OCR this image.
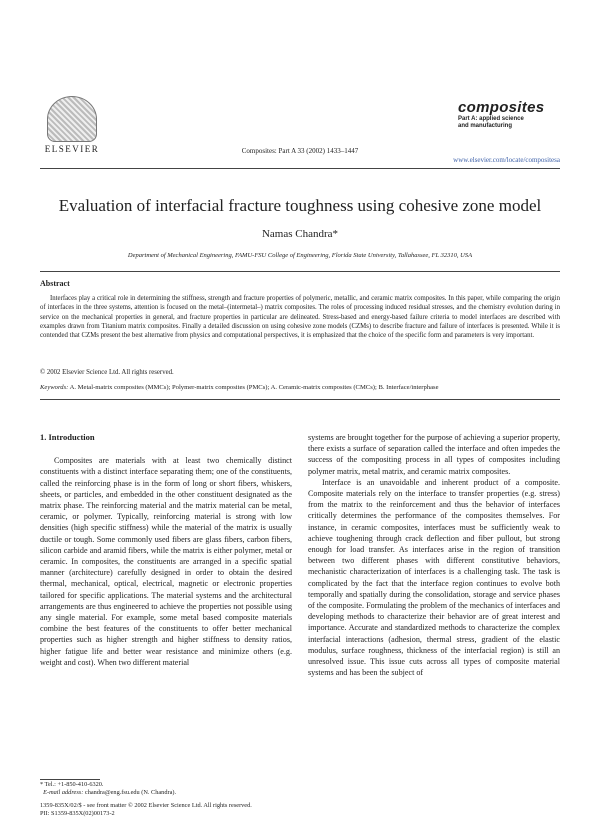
ELSEVIER	Composites: Part A 33 (2002) 1433–1447
composites
Part A: applied science
and manufacturing
www.elsevier.com/locate/compositesa
Evaluation of interfacial fracture toughness using cohesive zone model
Namas Chandra*
Department of Mechanical Engineering, FAMU-FSU College of Engineering, Florida State University, Tallahassee, FL 32310, USA
Abstract
Interfaces play a critical role in determining the stiffness, strength and fracture properties of polymeric, metallic, and ceramic matrix composites. In this paper, while comparing the origin of interfaces in the three systems, attention is focused on the metal–(intermetal–) matrix composites. The roles of processing induced residual stresses, and the chemistry evolution during in service on the mechanical properties in general, and fracture properties in particular are delineated. Stress-based and energy-based failure criteria to model interfaces are described with examples drawn from Titanium matrix composites. Finally a detailed discussion on using cohesive zone models (CZMs) to describe fracture and failure of interfaces is presented. While it is contended that CZMs present the best alternative from physics and computational perspectives, it is emphasized that the choice of the specific form and parameters is very important.
© 2002 Elsevier Science Ltd. All rights reserved.
Keywords: A. Metal-matrix composites (MMCs); Polymer-matrix composites (PMCs); A. Ceramic-matrix composites (CMCs); B. Interface/interphase
1. Introduction

Composites are materials with at least two chemically distinct constituents with a distinct interface separating them; one of the constituents, called the reinforcing phase is in the form of long or short fibers, whiskers, sheets, or particles, and embedded in the other constituent designated as the matrix phase. The reinforcing material and the matrix material can be metal, ceramic, or polymer. Typically, reinforcing material is strong with low densities (high specific stiffness) while the material of the matrix is usually ductile or tough. Some commonly used fibers are glass fibers, carbon fibers, silicon carbide and aramid fibers, while the matrix is either polymer, metal or ceramic. In composites, the constituents are arranged in a specific spatial manner (architecture) carefully designed in order to obtain the desired thermal, mechanical, optical, electrical, magnetic or electronic properties tailored for specific applications. The material systems and the architectural arrangements are thus engineered to achieve the properties not possible using any single material. For example, some metal based composite materials combine the best features of the constituents to offer better mechanical properties such as higher strength and higher stiffness to density ratios, higher fatigue life and better wear resistance and minimize others (e.g. weight and cost). When two different material

systems are brought together for the purpose of achieving a superior property, there exists a surface of separation called the interface and often impedes the success of the compositing process in all types of composites including polymer matrix, metal matrix, and ceramic matrix composites.

Interface is an unavoidable and inherent product of a composite. Composite materials rely on the interface to transfer properties (e.g. stress) from the matrix to the reinforcement and thus the behavior of interfaces critically determines the performance of the composites themselves. For instance, in ceramic composites, interfaces must be sufficiently weak to achieve toughening through crack deflection and fiber pullout, but strong enough for load transfer. As interfaces arise in the region of transition between two different phases with different constitutive behaviors, mechanistic characterization of interfaces is a challenging task. The task is complicated by the fact that the interface region continues to evolve both temporally and spatially during the consolidation, storage and service phases of the composite. Formulating the problem of the mechanics of interfaces and developing methods to characterize their behavior are of great interest and importance. Accurate and standardized methods to characterize the complex interfacial interactions (adhesion, thermal stress, gradient of the elastic modulus, surface roughness, thickness of the interfacial region) is still an unresolved issue. This issue cuts across all types of composite material systems and has been the subject of

* Tel.: +1-850-410-6320.
E-mail address: chandra@eng.fsu.edu (N. Chandra).
1359-835X/02/$ - see front matter © 2002 Elsevier Science Ltd. All rights reserved.
PII: S1359-835X(02)00173-2
